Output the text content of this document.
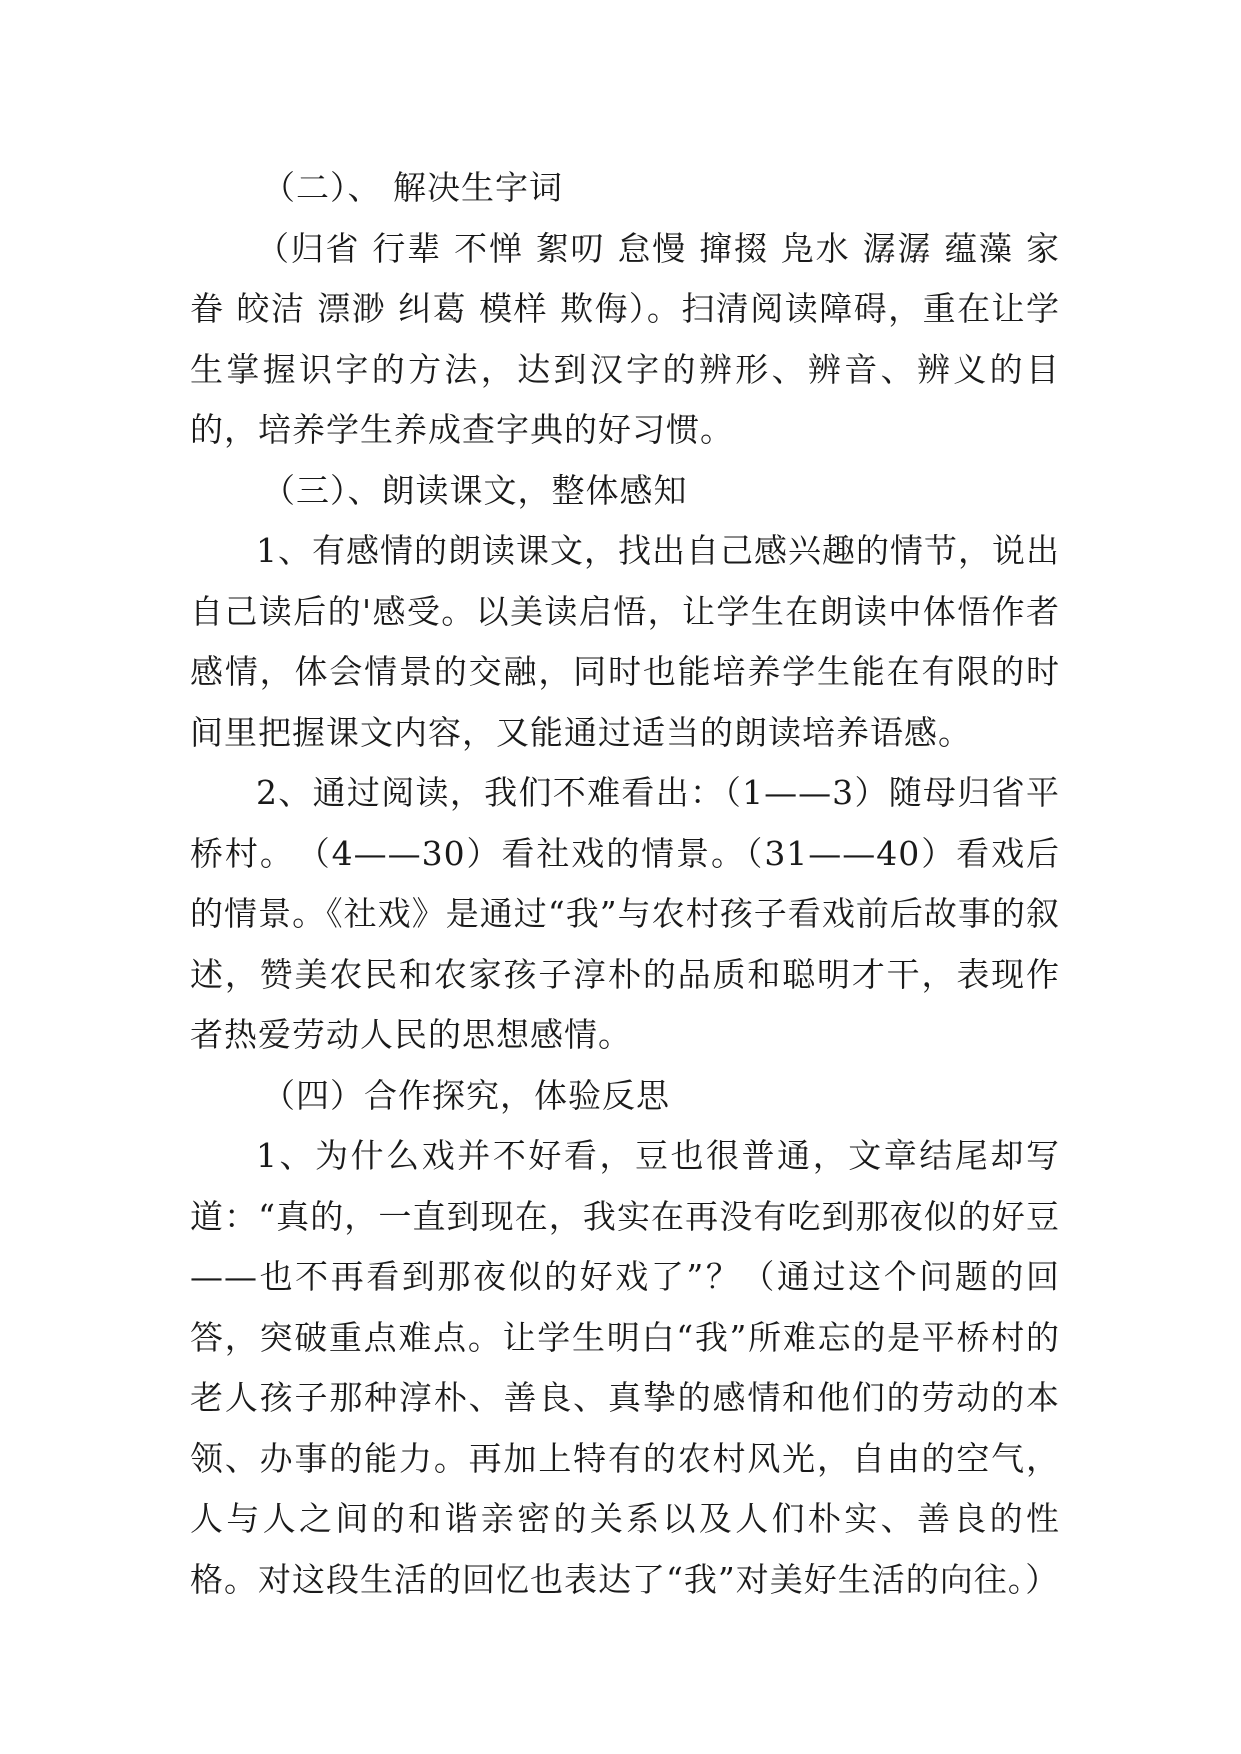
（二）、 解决生字词

（归省 行辈 不惮 絮叨 怠慢 撺掇 凫水 潺潺 蕴藻 家眷 皎洁 漂渺 纠葛 模样 欺侮）。扫清阅读障碍，重在让学生掌握识字的方法，达到汉字的辨形、辨音、辨义的目的，培养学生养成查字典的好习惯。

（三）、朗读课文，整体感知

1、有感情的朗读课文，找出自己感兴趣的情节，说出自己读后的'感受。以美读启悟，让学生在朗读中体悟作者感情，体会情景的交融，同时也能培养学生能在有限的时间里把握课文内容，又能通过适当的朗读培养语感。

2、通过阅读，我们不难看出：（1——3）随母归省平桥村。　（4——30）看社戏的情景。（31——40）看戏后的情景。《社戏》是通过“我”与农村孩子看戏前后故事的叙述，赞美农民和农家孩子淳朴的品质和聪明才干，表现作者热爱劳动人民的思想感情。

（四）合作探究，体验反思

1、为什么戏并不好看，豆也很普通，文章结尾却写道：“真的，一直到现在，我实在再没有吃到那夜似的好豆——也不再看到那夜似的好戏了”？（通过这个问题的回答，突破重点难点。让学生明白“我”所难忘的是平桥村的老人孩子那种淳朴、善良、真挚的感情和他们的劳动的本领、办事的能力。再加上特有的农村风光，自由的空气，人与人之间的和谐亲密的关系以及人们朴实、善良的性格。对这段生活的回忆也表达了“我”对美好生活的向往。）
